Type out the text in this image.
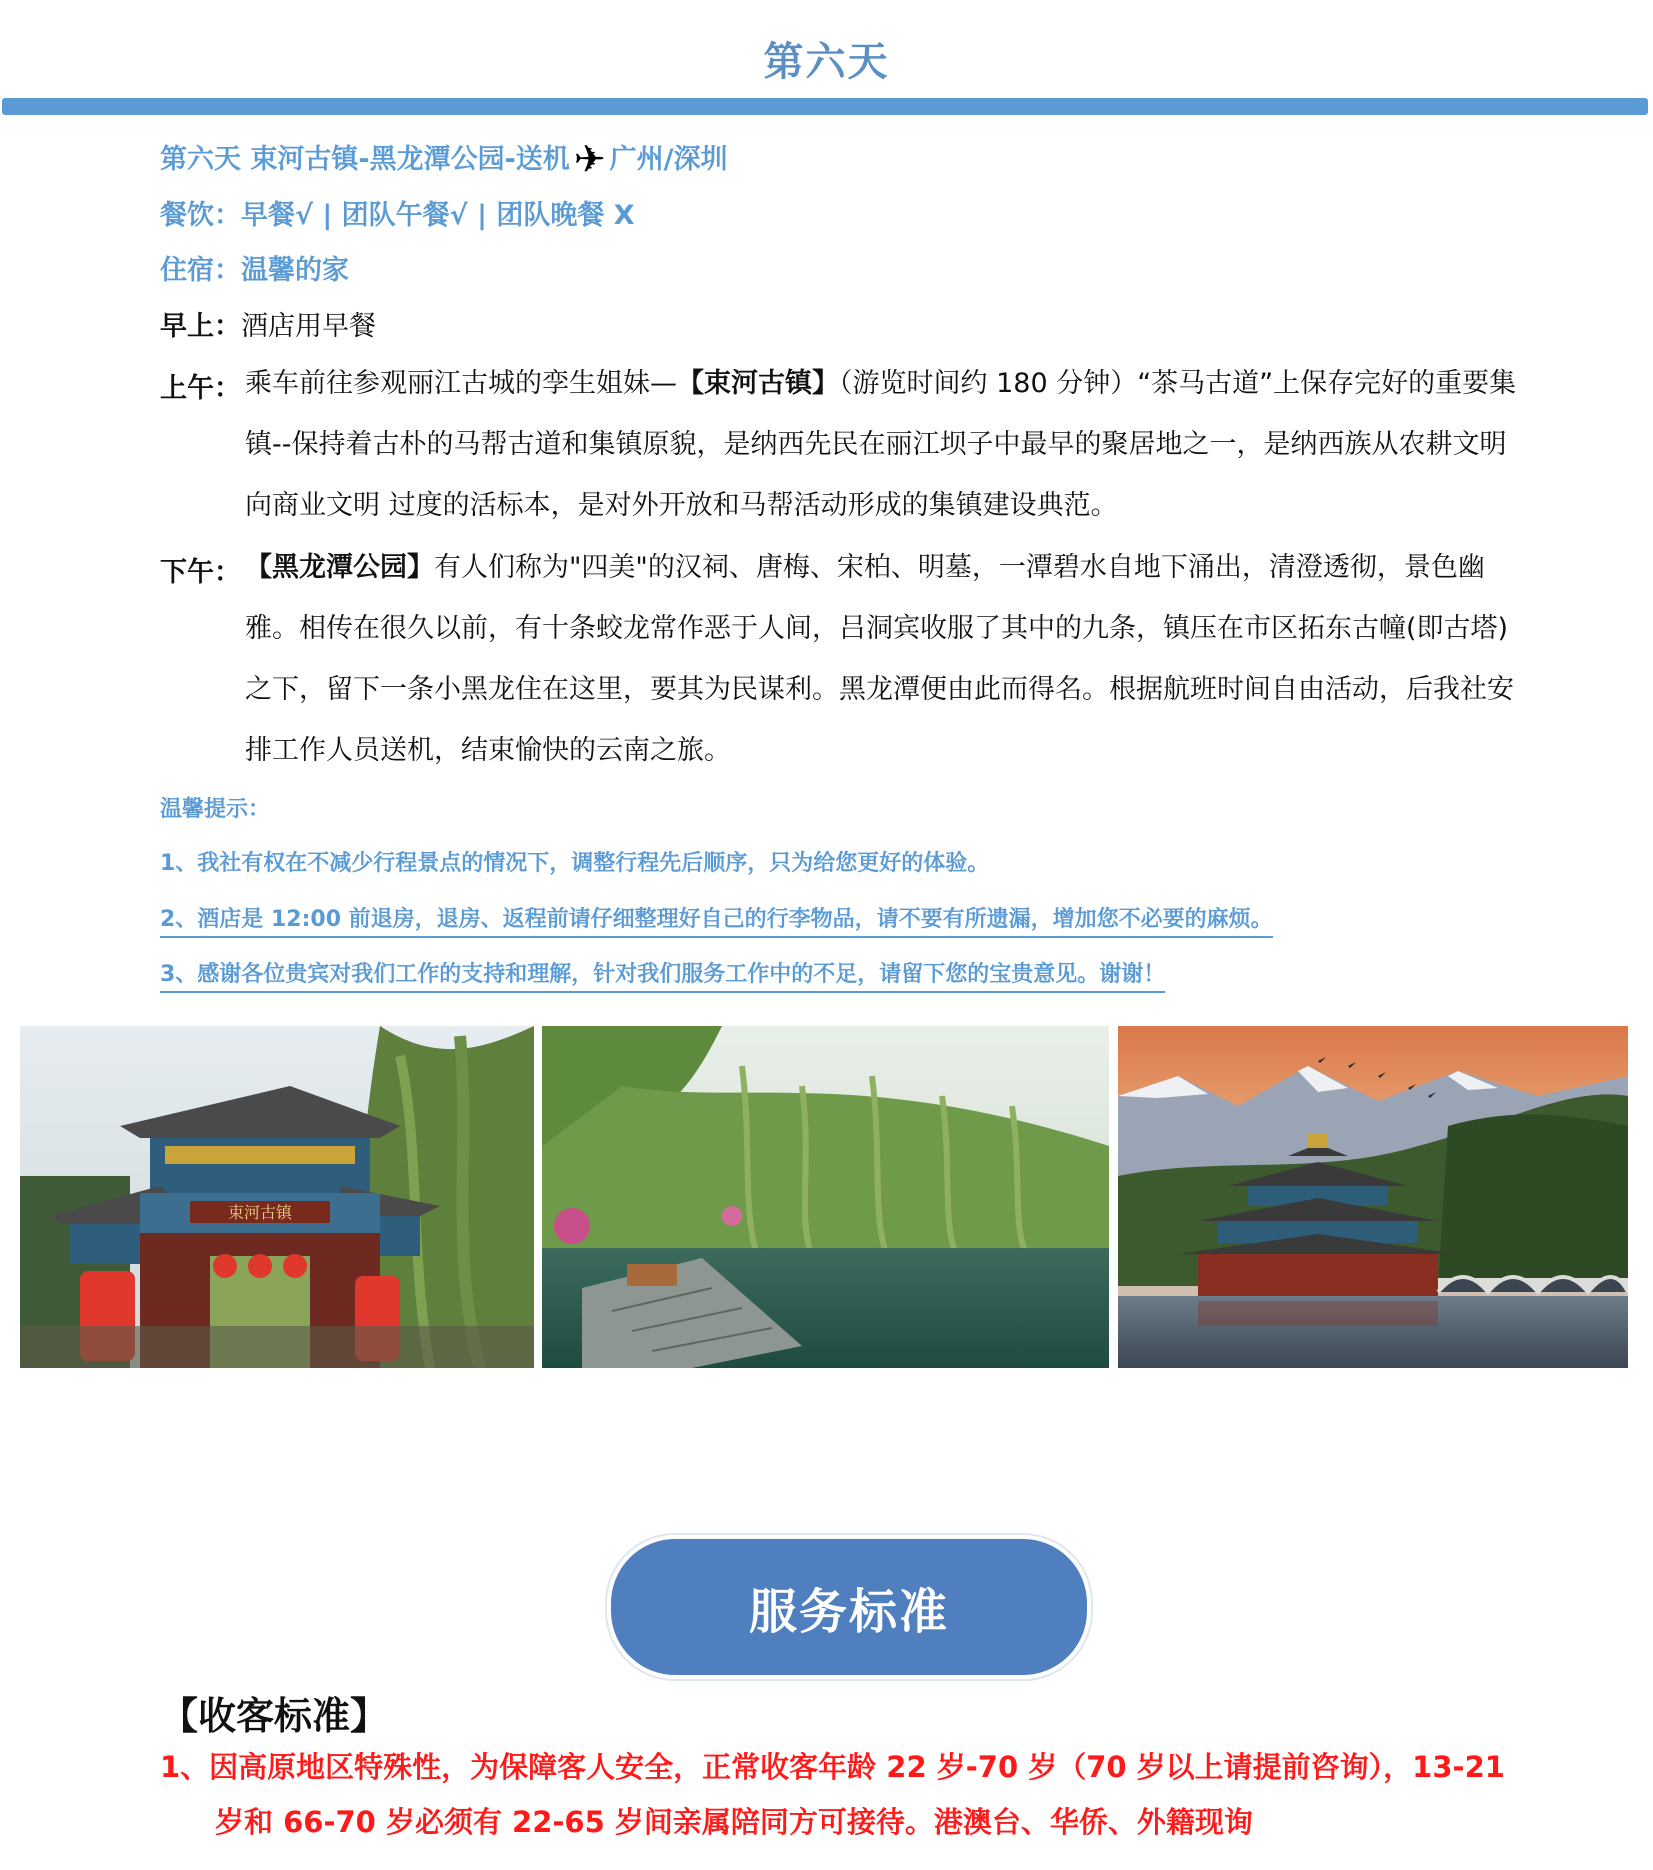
第六天
第六天 束河古镇-黑龙潭公园-送机 ✈ 广州/深圳
餐饮：早餐√ | 团队午餐√ | 团队晚餐 X
住宿：温馨的家
早上：酒店用早餐
上午： 乘车前往参观丽江古城的孪生姐妹—【束河古镇】（游览时间约 180 分钟）“茶马古道”上保存完好的重要集镇--保持着古朴的马帮古道和集镇原貌，是纳西先民在丽江坝子中最早的聚居地之一，是纳西族从农耕文明向商业文明 过度的活标本，是对外开放和马帮活动形成的集镇建设典范。
下午： 【黑龙潭公园】有人们称为"四美"的汉祠、唐梅、宋柏、明墓，一潭碧水自地下涌出，清澄透彻，景色幽雅。相传在很久以前，有十条蛟龙常作恶于人间，吕洞宾收服了其中的九条，镇压在市区拓东古幢(即古塔)之下，留下一条小黑龙住在这里，要其为民谋利。黑龙潭便由此而得名。根据航班时间自由活动，后我社安排工作人员送机，结束愉快的云南之旅。
温馨提示：
1、我社有权在不减少行程景点的情况下，调整行程先后顺序，只为给您更好的体验。
2、酒店是 12:00 前退房，退房、返程前请仔细整理好自己的行李物品，请不要有所遗漏，增加您不必要的麻烦。
3、感谢各位贵宾对我们工作的支持和理解，针对我们服务工作中的不足，请留下您的宝贵意见。谢谢！
束河古镇
服务标准
【收客标准】
1、因高原地区特殊性，为保障客人安全，正常收客年龄 22 岁-70 岁（70 岁以上请提前咨询），13-21
岁和 66-70 岁必须有 22-65 岁间亲属陪同方可接待。港澳台、华侨、外籍现询
